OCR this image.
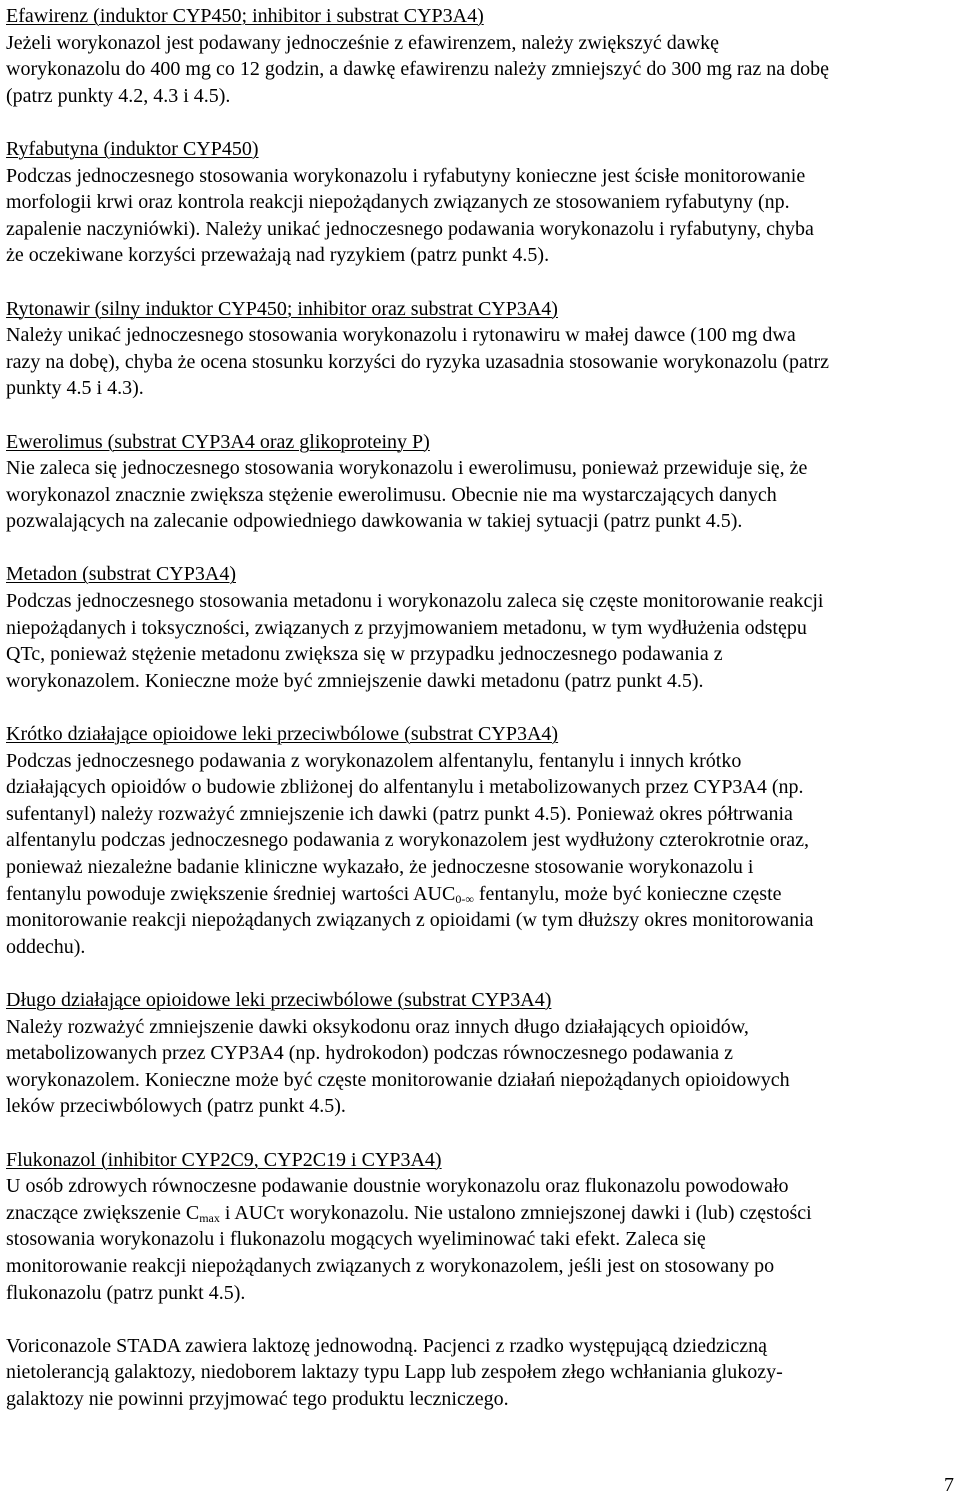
Efawirenz (induktor CYP450; inhibitor i substrat CYP3A4)
Jeżeli worykonazol jest podawany jednocześnie z efawirenzem, należy zwiększyć dawkę
worykonazolu do 400 mg co 12 godzin, a dawkę efawirenzu należy zmniejszyć do 300 mg raz na dobę
(patrz punkty 4.2, 4.3 i 4.5).
Ryfabutyna (induktor CYP450)
Podczas jednoczesnego stosowania worykonazolu i ryfabutyny konieczne jest ścisłe monitorowanie
morfologii krwi oraz kontrola reakcji niepożądanych związanych ze stosowaniem ryfabutyny (np.
zapalenie naczyniówki). Należy unikać jednoczesnego podawania worykonazolu i ryfabutyny, chyba
że oczekiwane korzyści przeważają nad ryzykiem (patrz punkt 4.5).
Rytonawir (silny induktor CYP450; inhibitor oraz substrat CYP3A4)
Należy unikać jednoczesnego stosowania worykonazolu i rytonawiru w małej dawce (100 mg dwa
razy na dobę), chyba że ocena stosunku korzyści do ryzyka uzasadnia stosowanie worykonazolu (patrz
punkty 4.5 i 4.3).
Ewerolimus (substrat CYP3A4 oraz glikoproteiny P)
Nie zaleca się jednoczesnego stosowania worykonazolu i ewerolimusu, ponieważ przewiduje się, że
worykonazol znacznie zwiększa stężenie ewerolimusu. Obecnie nie ma wystarczających danych
pozwalających na zalecanie odpowiedniego dawkowania w takiej sytuacji (patrz punkt 4.5).
Metadon (substrat CYP3A4)
Podczas jednoczesnego stosowania metadonu i worykonazolu zaleca się częste monitorowanie reakcji
niepożądanych i toksyczności, związanych z przyjmowaniem metadonu, w tym wydłużenia odstępu
QTc, ponieważ stężenie metadonu zwiększa się w przypadku jednoczesnego podawania z
worykonazolem. Konieczne może być zmniejszenie dawki metadonu (patrz punkt 4.5).
Krótko działające opioidowe leki przeciwbólowe (substrat CYP3A4)
Podczas jednoczesnego podawania z worykonazolem alfentanylu, fentanylu i innych krótko
działających opioidów o budowie zbliżonej do alfentanylu i metabolizowanych przez CYP3A4 (np.
sufentanyl) należy rozważyć zmniejszenie ich dawki (patrz punkt 4.5). Ponieważ okres półtrwania
alfentanylu podczas jednoczesnego podawania z worykonazolem jest wydłużony czterokrotnie oraz,
ponieważ niezależne badanie kliniczne wykazało, że jednoczesne stosowanie worykonazolu i
fentanylu powoduje zwiększenie średniej wartości $AUC_{0-\infty}$ fentanylu, może być konieczne częste
monitorowanie reakcji niepożądanych związanych z opioidami (w tym dłuższy okres monitorowania
oddechu).
Długo działające opioidowe leki przeciwbólowe (substrat CYP3A4)
Należy rozważyć zmniejszenie dawki oksykodonu oraz innych długo działających opioidów,
metabolizowanych przez CYP3A4 (np. hydrokodon) podczas równoczesnego podawania z
worykonazolem. Konieczne może być częste monitorowanie działań niepożądanych opioidowych
leków przeciwbólowych (patrz punkt 4.5).
Flukonazol (inhibitor CYP2C9, CYP2C19 i CYP3A4)
U osób zdrowych równoczesne podawanie doustnie worykonazolu oraz flukonazolu powodowało
znaczące zwiększenie $C_{max}$ i AUCτ worykonazolu. Nie ustalono zmniejszonej dawki i (lub) częstości
stosowania worykonazolu i flukonazolu mogących wyeliminować taki efekt. Zaleca się
monitorowanie reakcji niepożądanych związanych z worykonazolem, jeśli jest on stosowany po
flukonazolu (patrz punkt 4.5).
Voriconazole STADA zawiera laktozę jednowodną. Pacjenci z rzadko występującą dziedziczną
nietolerancją galaktozy, niedoborem laktazy typu Lapp lub zespołem złego wchłaniania glukozy-
galaktozy nie powinni przyjmować tego produktu leczniczego.
7
